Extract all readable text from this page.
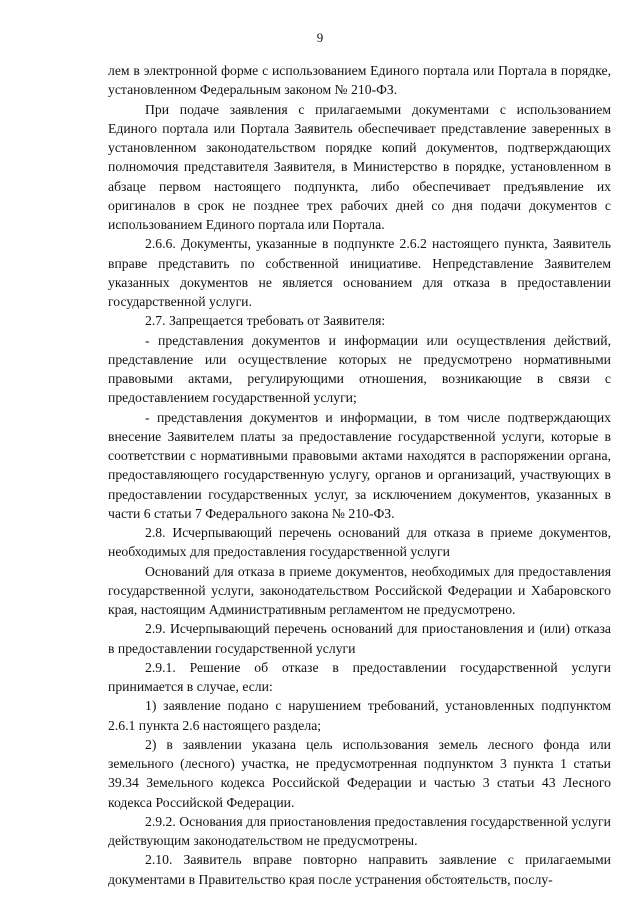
9

лем в электронной форме с использованием Единого портала или Портала в порядке, установленном Федеральным законом № 210-ФЗ.

При подаче заявления с прилагаемыми документами с использованием Единого портала или Портала Заявитель обеспечивает представление заверенных в установленном законодательством порядке копий документов, подтверждающих полномочия представителя Заявителя, в Министерство в порядке, установленном в абзаце первом настоящего подпункта, либо обеспечивает предъявление их оригиналов в срок не позднее трех рабочих дней со дня подачи документов с использованием Единого портала или Портала.

2.6.6. Документы, указанные в подпункте 2.6.2 настоящего пункта, Заявитель вправе представить по собственной инициативе. Непредставление Заявителем указанных документов не является основанием для отказа в предоставлении государственной услуги.

2.7. Запрещается требовать от Заявителя:

- представления документов и информации или осуществления действий, представление или осуществление которых не предусмотрено нормативными правовыми актами, регулирующими отношения, возникающие в связи с предоставлением государственной услуги;

- представления документов и информации, в том числе подтверждающих внесение Заявителем платы за предоставление государственной услуги, которые в соответствии с нормативными правовыми актами находятся в распоряжении органа, предоставляющего государственную услугу, органов и организаций, участвующих в предоставлении государственных услуг, за исключением документов, указанных в части 6 статьи 7 Федерального закона № 210-ФЗ.

2.8. Исчерпывающий перечень оснований для отказа в приеме документов, необходимых для предоставления государственной услуги

Оснований для отказа в приеме документов, необходимых для предоставления государственной услуги, законодательством Российской Федерации и Хабаровского края, настоящим Административным регламентом не предусмотрено.

2.9. Исчерпывающий перечень оснований для приостановления и (или) отказа в предоставлении государственной услуги

2.9.1. Решение об отказе в предоставлении государственной услуги принимается в случае, если:

1) заявление подано с нарушением требований, установленных подпунктом 2.6.1 пункта 2.6 настоящего раздела;

2) в заявлении указана цель использования земель лесного фонда или земельного (лесного) участка, не предусмотренная подпунктом 3 пункта 1 статьи 39.34 Земельного кодекса Российской Федерации и частью 3 статьи 43 Лесного кодекса Российской Федерации.

2.9.2. Основания для приостановления предоставления государственной услуги действующим законодательством не предусмотрены.

2.10. Заявитель вправе повторно направить заявление с прилагаемыми документами в Правительство края после устранения обстоятельств, послу-
